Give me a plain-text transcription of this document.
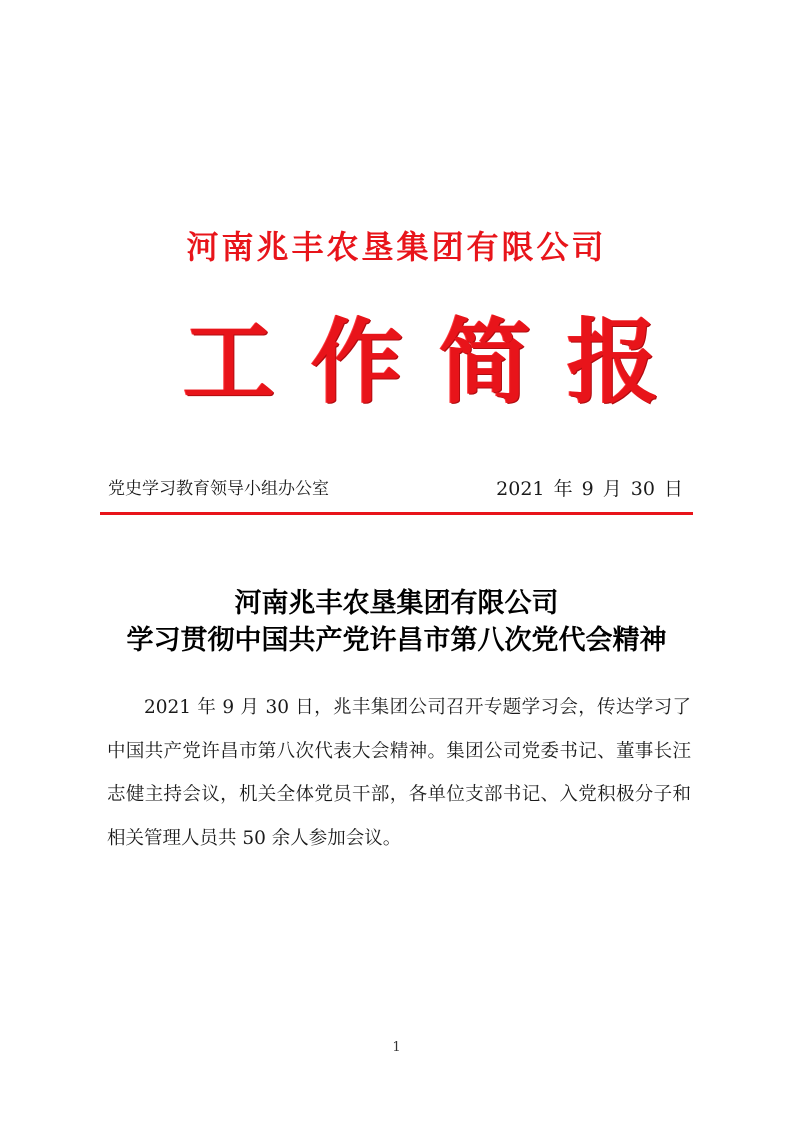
河南兆丰农垦集团有限公司
工 作 简 报
党史学习教育领导小组办公室	2021 年 9 月 30 日
河南兆丰农垦集团有限公司
学习贯彻中国共产党许昌市第八次党代会精神

2021 年 9 月 30 日，兆丰集团公司召开专题学习会，传达学习了中国共产党许昌市第八次代表大会精神。集团公司党委书记、董事长汪志健主持会议，机关全体党员干部，各单位支部书记、入党积极分子和相关管理人员共 50 余人参加会议。

1
